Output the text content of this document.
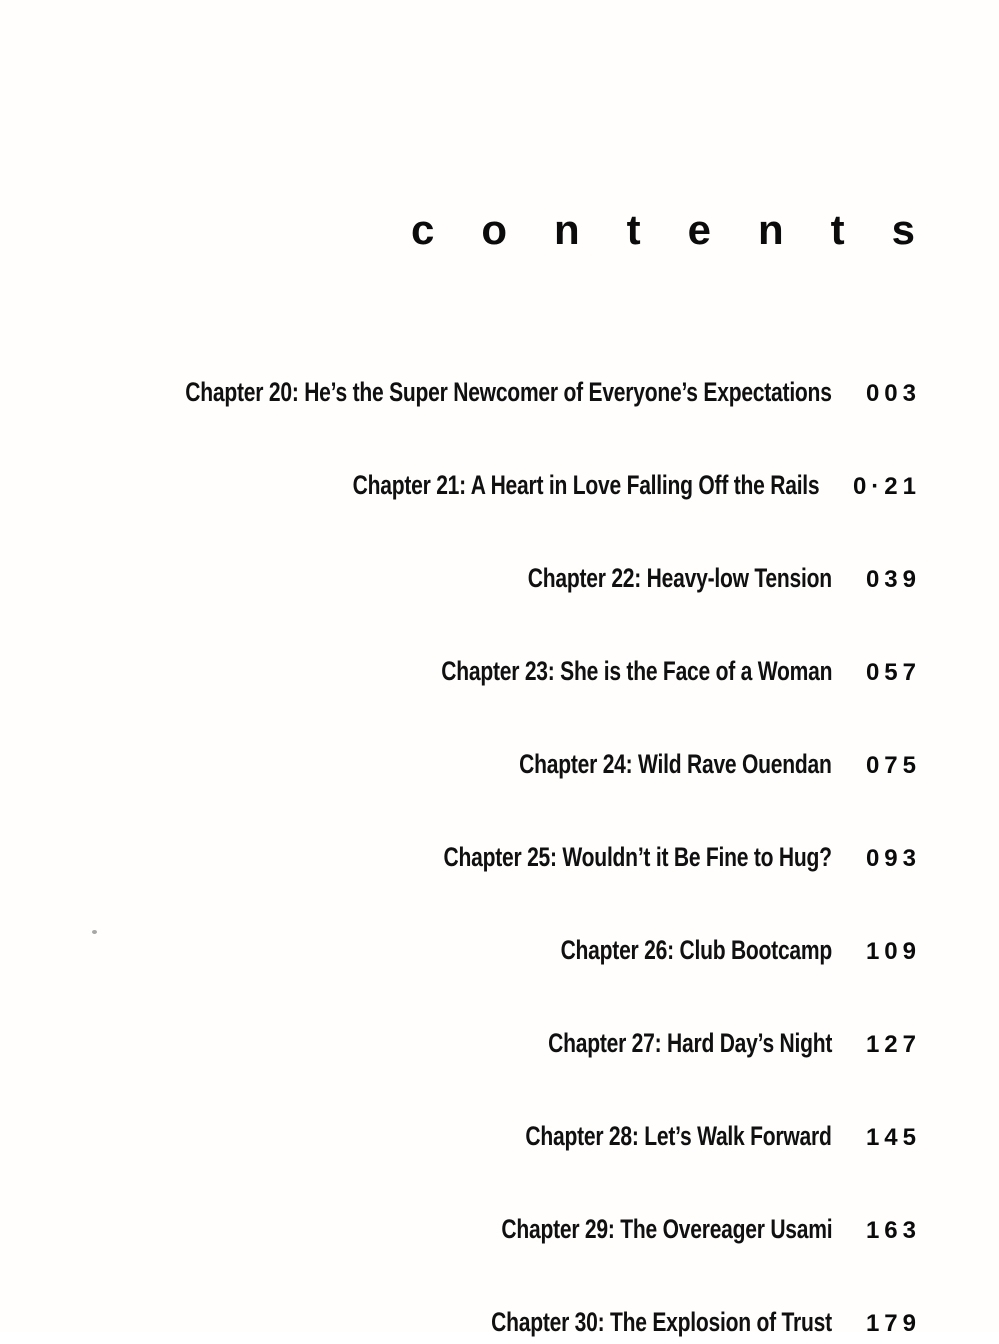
contents
Chapter 20: He’s the Super Newcomer of Everyone’s Expectations 003
Chapter 21: A Heart in Love Falling Off the Rails 0·21
Chapter 22: Heavy-low Tension 039
Chapter 23: She is the Face of a Woman 057
Chapter 24: Wild Rave Ouendan 075
Chapter 25: Wouldn’t it Be Fine to Hug? 093
Chapter 26: Club Bootcamp 109
Chapter 27: Hard Day’s Night 127
Chapter 28: Let’s Walk Forward 145
Chapter 29: The Overeager Usami 163
Chapter 30: The Explosion of Trust 179
